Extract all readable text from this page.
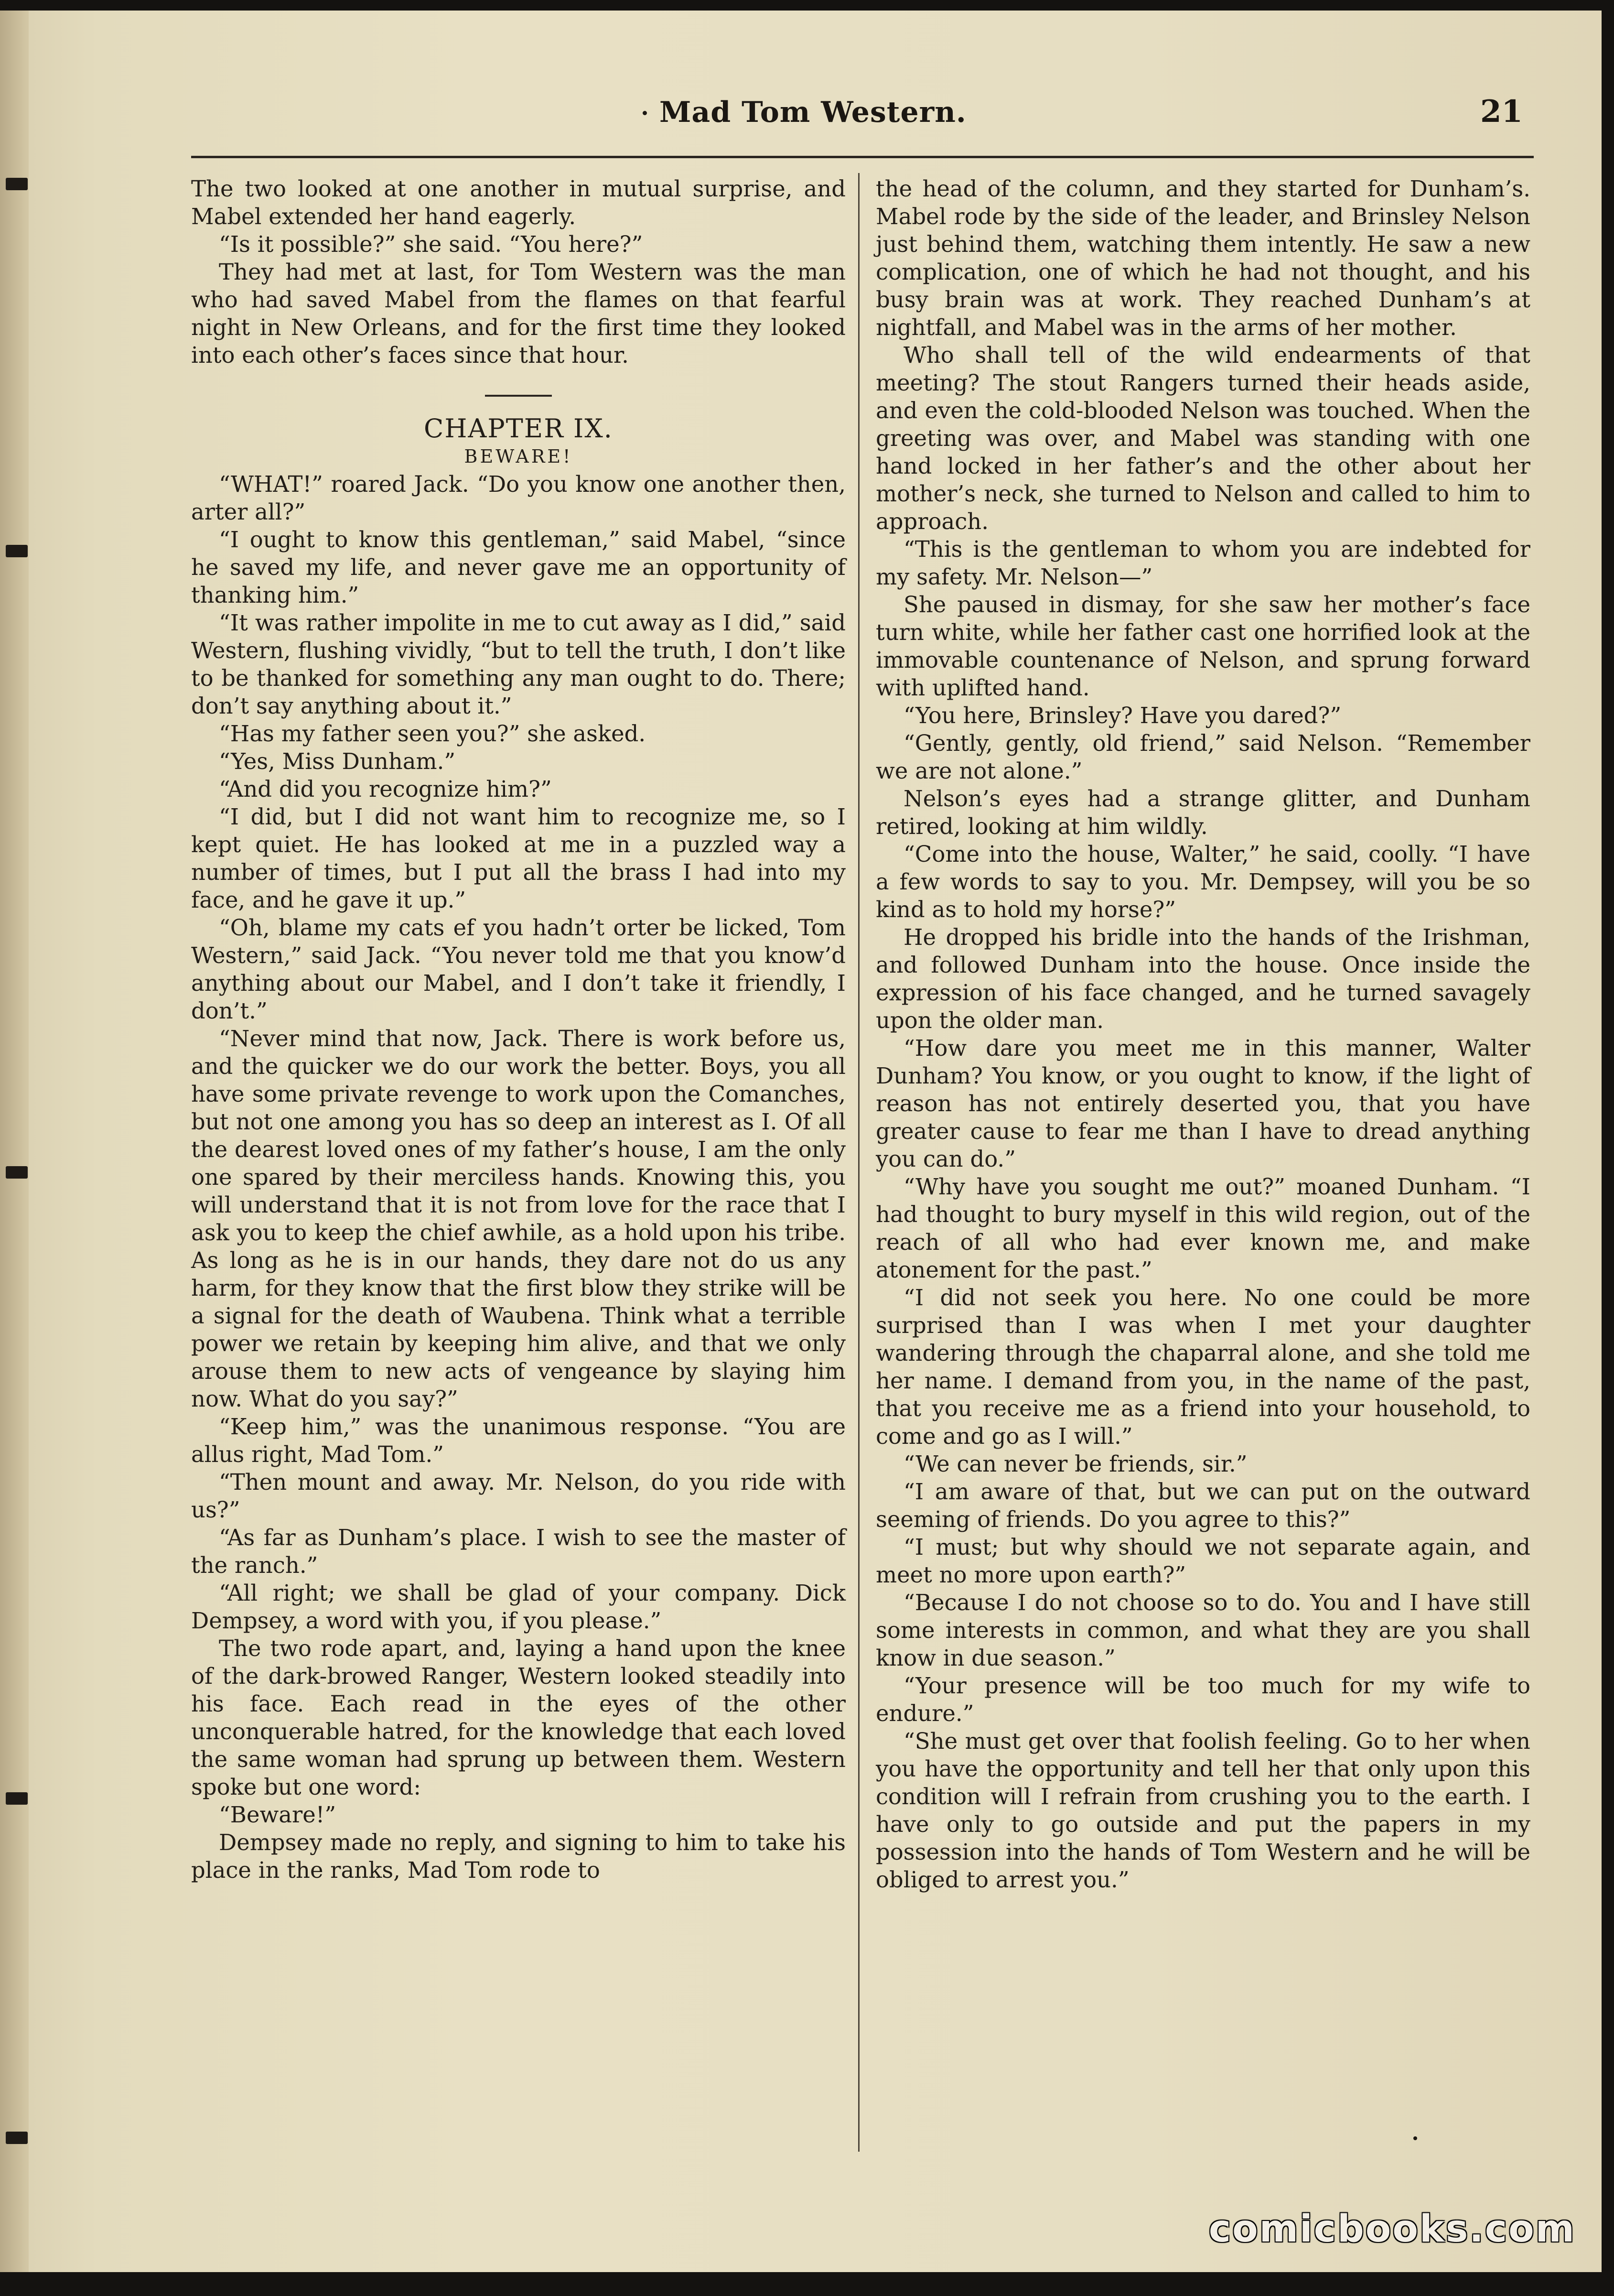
Mad Tom Western.	21

The two looked at one another in mutual surprise, and Mabel extended her hand eagerly.

“Is it possible?” she said. “You here?”

They had met at last, for Tom Western was the man who had saved Mabel from the flames on that fearful night in New Orleans, and for the first time they looked into each other’s faces since that hour.

CHAPTER IX.

BEWARE!

“WHAT!” roared Jack. “Do you know one another then, arter all?”

“I ought to know this gentleman,” said Mabel, “since he saved my life, and never gave me an opportunity of thanking him.”

“It was rather impolite in me to cut away as I did,” said Western, flushing vividly, “but to tell the truth, I don’t like to be thanked for something any man ought to do. There; don’t say anything about it.”

“Has my father seen you?” she asked.

“Yes, Miss Dunham.”

“And did you recognize him?”

“I did, but I did not want him to recognize me, so I kept quiet. He has looked at me in a puzzled way a number of times, but I put all the brass I had into my face, and he gave it up.”

“Oh, blame my cats ef you hadn’t orter be licked, Tom Western,” said Jack. “You never told me that you know’d anything about our Mabel, and I don’t take it friendly, I don’t.”

“Never mind that now, Jack. There is work before us, and the quicker we do our work the better. Boys, you all have some private revenge to work upon the Comanches, but not one among you has so deep an interest as I. Of all the dearest loved ones of my father’s house, I am the only one spared by their merciless hands. Knowing this, you will understand that it is not from love for the race that I ask you to keep the chief awhile, as a hold upon his tribe. As long as he is in our hands, they dare not do us any harm, for they know that the first blow they strike will be a signal for the death of Waubena. Think what a terrible power we retain by keeping him alive, and that we only arouse them to new acts of vengeance by slaying him now. What do you say?”

“Keep him,” was the unanimous response. “You are allus right, Mad Tom.”

“Then mount and away. Mr. Nelson, do you ride with us?”

“As far as Dunham’s place. I wish to see the master of the ranch.”

“All right; we shall be glad of your company. Dick Dempsey, a word with you, if you please.”

The two rode apart, and, laying a hand upon the knee of the dark-browed Ranger, Western looked steadily into his face. Each read in the eyes of the other unconquerable hatred, for the knowledge that each loved the same woman had sprung up between them. Western spoke but one word:

“Beware!”

Dempsey made no reply, and signing to him to take his place in the ranks, Mad Tom rode to

the head of the column, and they started for Dunham’s. Mabel rode by the side of the leader, and Brinsley Nelson just behind them, watching them intently. He saw a new complication, one of which he had not thought, and his busy brain was at work. They reached Dunham’s at nightfall, and Mabel was in the arms of her mother.

Who shall tell of the wild endearments of that meeting? The stout Rangers turned their heads aside, and even the cold-blooded Nelson was touched. When the greeting was over, and Mabel was standing with one hand locked in her father’s and the other about her mother’s neck, she turned to Nelson and called to him to approach.

“This is the gentleman to whom you are indebted for my safety. Mr. Nelson—”

She paused in dismay, for she saw her mother’s face turn white, while her father cast one horrified look at the immovable countenance of Nelson, and sprung forward with uplifted hand.

“You here, Brinsley? Have you dared?”

“Gently, gently, old friend,” said Nelson. “Remember we are not alone.”

Nelson’s eyes had a strange glitter, and Dunham retired, looking at him wildly.

“Come into the house, Walter,” he said, coolly. “I have a few words to say to you. Mr. Dempsey, will you be so kind as to hold my horse?”

He dropped his bridle into the hands of the Irishman, and followed Dunham into the house. Once inside the expression of his face changed, and he turned savagely upon the older man.

“How dare you meet me in this manner, Walter Dunham? You know, or you ought to know, if the light of reason has not entirely deserted you, that you have greater cause to fear me than I have to dread anything you can do.”

“Why have you sought me out?” moaned Dunham. “I had thought to bury myself in this wild region, out of the reach of all who had ever known me, and make atonement for the past.”

“I did not seek you here. No one could be more surprised than I was when I met your daughter wandering through the chaparral alone, and she told me her name. I demand from you, in the name of the past, that you receive me as a friend into your household, to come and go as I will.”

“We can never be friends, sir.”

“I am aware of that, but we can put on the outward seeming of friends. Do you agree to this?”

“I must; but why should we not separate again, and meet no more upon earth?”

“Because I do not choose so to do. You and I have still some interests in common, and what they are you shall know in due season.”

“Your presence will be too much for my wife to endure.”

“She must get over that foolish feeling. Go to her when you have the opportunity and tell her that only upon this condition will I refrain from crushing you to the earth. I have only to go outside and put the papers in my possession into the hands of Tom Western and he will be obliged to arrest you.”

comicbooks.com
